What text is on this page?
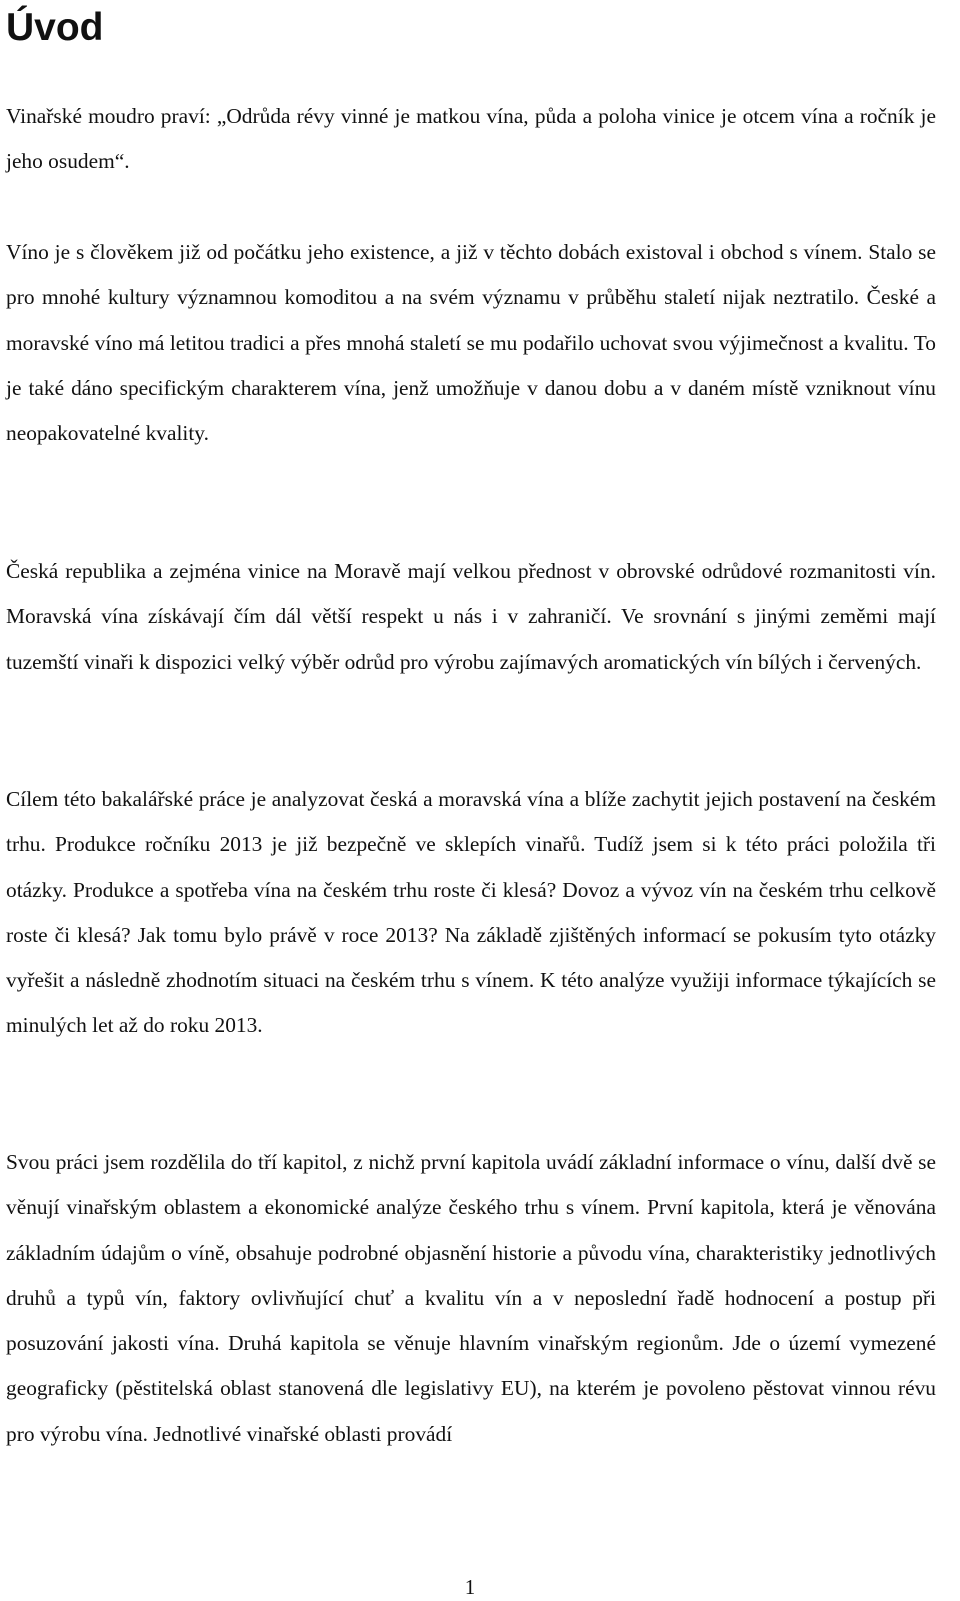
Úvod

Vinařské moudro praví: „Odrůda révy vinné je matkou vína, půda a poloha vinice je otcem vína a ročník je jeho osudem“.

Víno je s člověkem již od počátku jeho existence, a již v těchto dobách existoval i obchod s vínem. Stalo se pro mnohé kultury významnou komoditou a na svém významu v průběhu staletí nijak neztratilo. České a moravské víno má letitou tradici a přes mnohá staletí se mu podařilo uchovat svou výjimečnost a kvalitu. To je také dáno specifickým charakterem vína, jenž umožňuje v danou dobu a v daném místě vzniknout vínu neopakovatelné kvality.

Česká republika a zejména vinice na Moravě mají velkou přednost v obrovské odrůdové rozmanitosti vín. Moravská vína získávají čím dál větší respekt u nás i v zahraničí. Ve srovnání s jinými zeměmi mají tuzemští vinaři k dispozici velký výběr odrůd pro výrobu zajímavých aromatických vín bílých i červených.

Cílem této bakalářské práce je analyzovat česká a moravská vína a blíže zachytit jejich postavení na českém trhu. Produkce ročníku 2013 je již bezpečně ve sklepích vinařů. Tudíž jsem si k této práci položila tři otázky. Produkce a spotřeba vína na českém trhu roste či klesá? Dovoz a vývoz vín na českém trhu celkově roste či klesá? Jak tomu bylo právě v roce 2013? Na základě zjištěných informací se pokusím tyto otázky vyřešit a následně zhodnotím situaci na českém trhu s vínem. K této analýze využiji informace týkajících se minulých let až do roku 2013.

Svou práci jsem rozdělila do tří kapitol, z nichž první kapitola uvádí základní informace o vínu, další dvě se věnují vinařským oblastem a ekonomické analýze českého trhu s vínem. První kapitola, která je věnována základním údajům o víně, obsahuje podrobné objasnění historie a původu vína, charakteristiky jednotlivých druhů a typů vín, faktory ovlivňující chuť a kvalitu vín a v neposlední řadě hodnocení a postup při posuzování jakosti vína. Druhá kapitola se věnuje hlavním vinařským regionům. Jde o území vymezené geograficky (pěstitelská oblast stanovená dle legislativy EU), na kterém je povoleno pěstovat vinnou révu pro výrobu vína. Jednotlivé vinařské oblasti provádí

1
